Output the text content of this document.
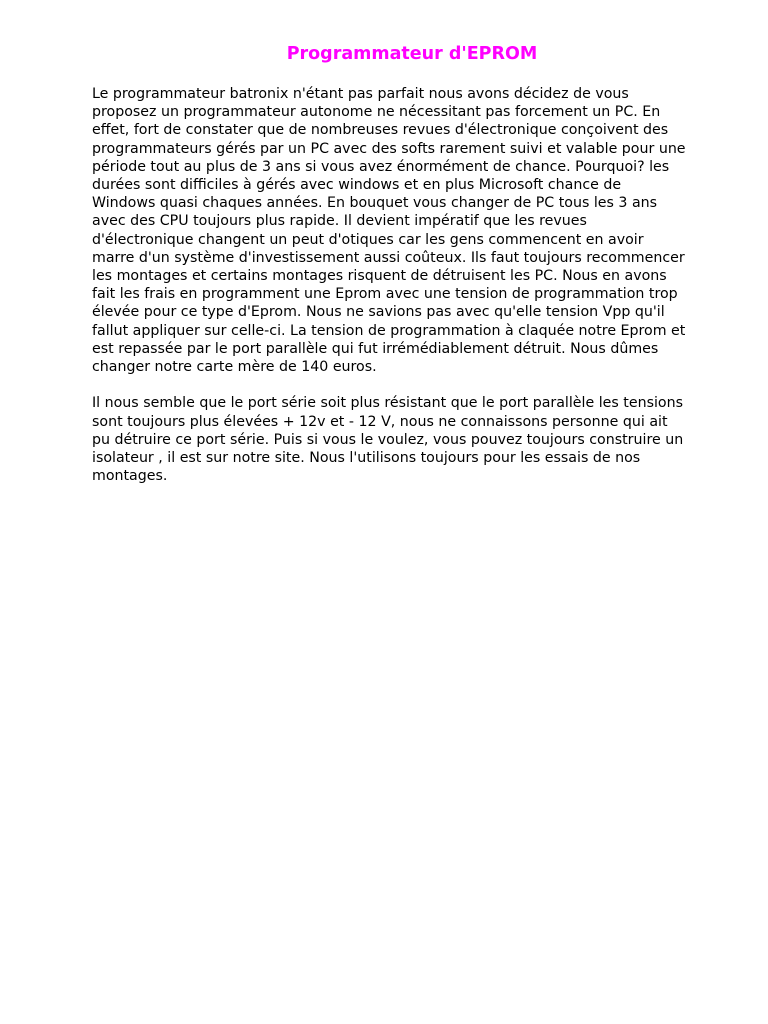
Programmateur d'EPROM

Le programmateur batronix n'étant pas parfait nous avons décidez de vous
proposez un programmateur autonome ne nécessitant pas forcement un PC. En
effet, fort de constater que de nombreuses revues d'électronique conçoivent des
programmateurs gérés par un PC avec des softs rarement suivi et valable pour une
période tout au plus de 3 ans si vous avez énormément de chance. Pourquoi? les
durées sont difficiles à gérés avec windows et en plus Microsoft chance de
Windows quasi chaques années. En bouquet vous changer de PC tous les 3 ans
avec des CPU toujours plus rapide. Il devient impératif que les revues
d'électronique changent un peut d'otiques car les gens commencent en avoir
marre d'un système d'investissement aussi coûteux. Ils faut toujours recommencer
les montages et certains montages risquent de détruisent les PC. Nous en avons
fait les frais en programment une Eprom avec une tension de programmation trop
élevée pour ce type d'Eprom. Nous ne savions pas avec qu'elle tension Vpp qu'il
fallut appliquer sur celle-ci. La tension de programmation à claquée notre Eprom et
est repassée par le port parallèle qui fut irrémédiablement détruit. Nous dûmes
changer notre carte mère de 140 euros.

Il nous semble que le port série soit plus résistant que le port parallèle les tensions
sont toujours plus élevées + 12v et - 12 V, nous ne connaissons personne qui ait
pu détruire ce port série. Puis si vous le voulez, vous pouvez toujours construire un
isolateur , il est sur notre site. Nous l'utilisons toujours pour les essais de nos
montages.
